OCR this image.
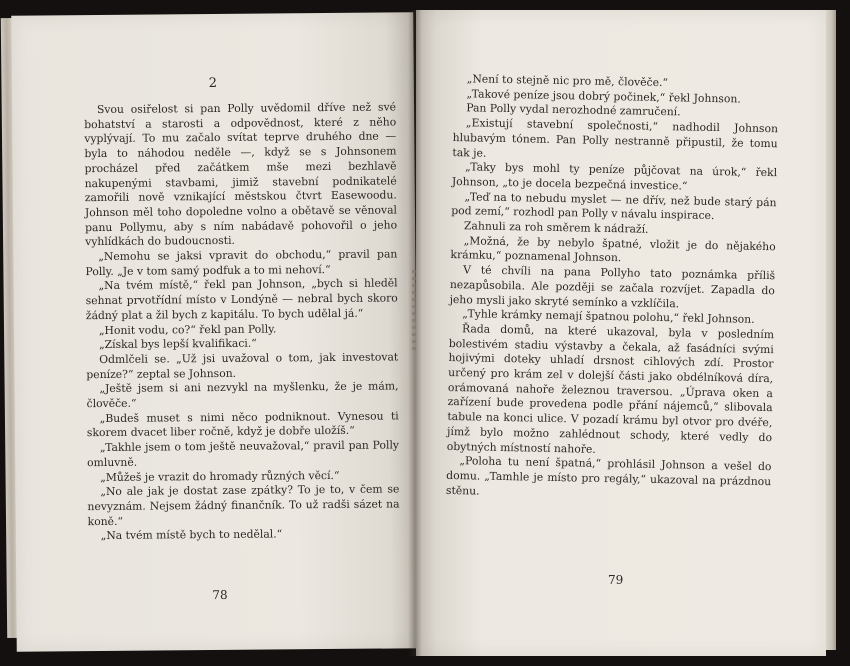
2

Svou osiřelost si pan Polly uvědomil dříve než své bohatství a starosti a odpovědnost, které z něho vyplývají. To mu začalo svítat teprve druhého dne — byla to náhodou neděle —, když se s Johnsonem procházel před začátkem mše mezi bezhlavě nakupenými stavbami, jimiž stavební podnikatelé zamořili nově vznikající městskou čtvrt Easewoodu. Johnson měl toho dopoledne volno a obětavě se věnoval panu Pollymu, aby s ním nabádavě pohovořil o jeho vyhlídkách do budoucnosti.

„Nemohu se jaksi vpravit do obchodu,“ pravil pan Polly. „Je v tom samý podfuk a to mi nehoví.“

„Na tvém místě,“ řekl pan Johnson, „bych si hleděl sehnat prvotřídní místo v Londýně — nebral bych skoro žádný plat a žil bych z kapitálu. To bych udělal já.“

„Honit vodu, co?“ řekl pan Polly.

„Získal bys lepší kvalifikaci.“

Odmlčeli se. „Už jsi uvažoval o tom, jak investovat peníze?“ zeptal se Johnson.

„Ještě jsem si ani nezvykl na myšlenku, že je mám, člověče.“

„Budeš muset s nimi něco podniknout. Vynesou ti skorem dvacet liber ročně, když je dobře uložíš.“

„Takhle jsem o tom ještě neuvažoval,“ pravil pan Polly omluvně.

„Můžeš je vrazit do hromady různých věcí.“

„No ale jak je dostat zase zpátky? To je to, v čem se nevyznám. Nejsem žádný finančník. To už radši sázet na koně.“

„Na tvém místě bych to nedělal.“

78

„Není to stejně nic pro mě, člověče.“

„Takové peníze jsou dobrý počinek,“ řekl Johnson.

Pan Polly vydal nerozhodné zamručení.

„Existují stavební společnosti,“ nadhodil Johnson hlubavým tónem. Pan Polly nestranně připustil, že tomu tak je.

„Taky bys mohl ty peníze půjčovat na úrok,“ řekl Johnson, „to je docela bezpečná investice.“

„Teď na to nebudu myslet — ne dřív, než bude starý pán pod zemí,“ rozhodl pan Polly v návalu inspirace.

Zahnuli za roh směrem k nádraží.

„Možná, že by nebylo špatné, vložit je do nějakého krámku,“ poznamenal Johnson.

V té chvíli na pana Pollyho tato poznámka příliš nezapůsobila. Ale později se začala rozvíjet. Zapadla do jeho mysli jako skryté semínko a vzklíčila.

„Tyhle krámky nemají špatnou polohu,“ řekl Johnson.

Řada domů, na které ukazoval, byla v posledním bolestivém stadiu výstavby a čekala, až fasádníci svými hojivými doteky uhladí drsnost cihlových zdí. Prostor určený pro krám zel v dolejší části jako obdélníková díra, orámovaná nahoře železnou traversou. „Úprava oken a zařízení bude provedena podle přání nájemců,“ slibovala tabule na konci ulice. V pozadí krámu byl otvor pro dvéře, jímž bylo možno zahlédnout schody, které vedly do obytných místností nahoře.

„Poloha tu není špatná,“ prohlásil Johnson a vešel do domu. „Tamhle je místo pro regály,“ ukazoval na prázdnou stěnu.

79
